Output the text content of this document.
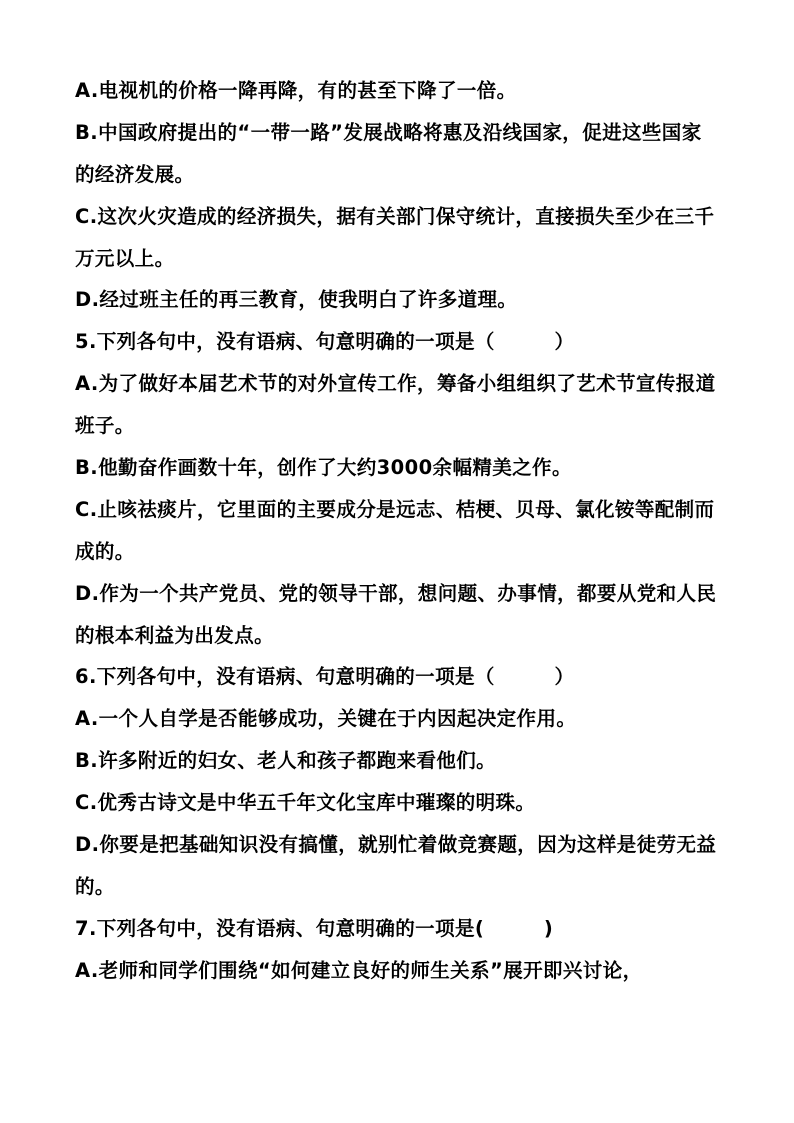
A.电视机的价格一降再降，有的甚至下降了一倍。
B.中国政府提出的“一带一路”发展战略将惠及沿线国家，促进这些国家
的经济发展。
C.这次火灾造成的经济损失，据有关部门保守统计，直接损失至少在三千
万元以上。
D.经过班主任的再三教育，使我明白了许多道理。
5.下列各句中，没有语病、句意明确的一项是（　　　）
A.为了做好本届艺术节的对外宣传工作，筹备小组组织了艺术节宣传报道
班子。
B.他勤奋作画数十年，创作了大约3000余幅精美之作。
C.止咳祛痰片，它里面的主要成分是远志、桔梗、贝母、氯化铵等配制而
成的。
D.作为一个共产党员、党的领导干部，想问题、办事情，都要从党和人民
的根本利益为出发点。
6.下列各句中，没有语病、句意明确的一项是（　　　）
A.一个人自学是否能够成功，关键在于内因起决定作用。
B.许多附近的妇女、老人和孩子都跑来看他们。
C.优秀古诗文是中华五千年文化宝库中璀璨的明珠。
D.你要是把基础知识没有搞懂，就别忙着做竞赛题，因为这样是徒劳无益
的。
7.下列各句中，没有语病、句意明确的一项是(　　　)
A.老师和同学们围绕“如何建立良好的师生关系”展开即兴讨论，
